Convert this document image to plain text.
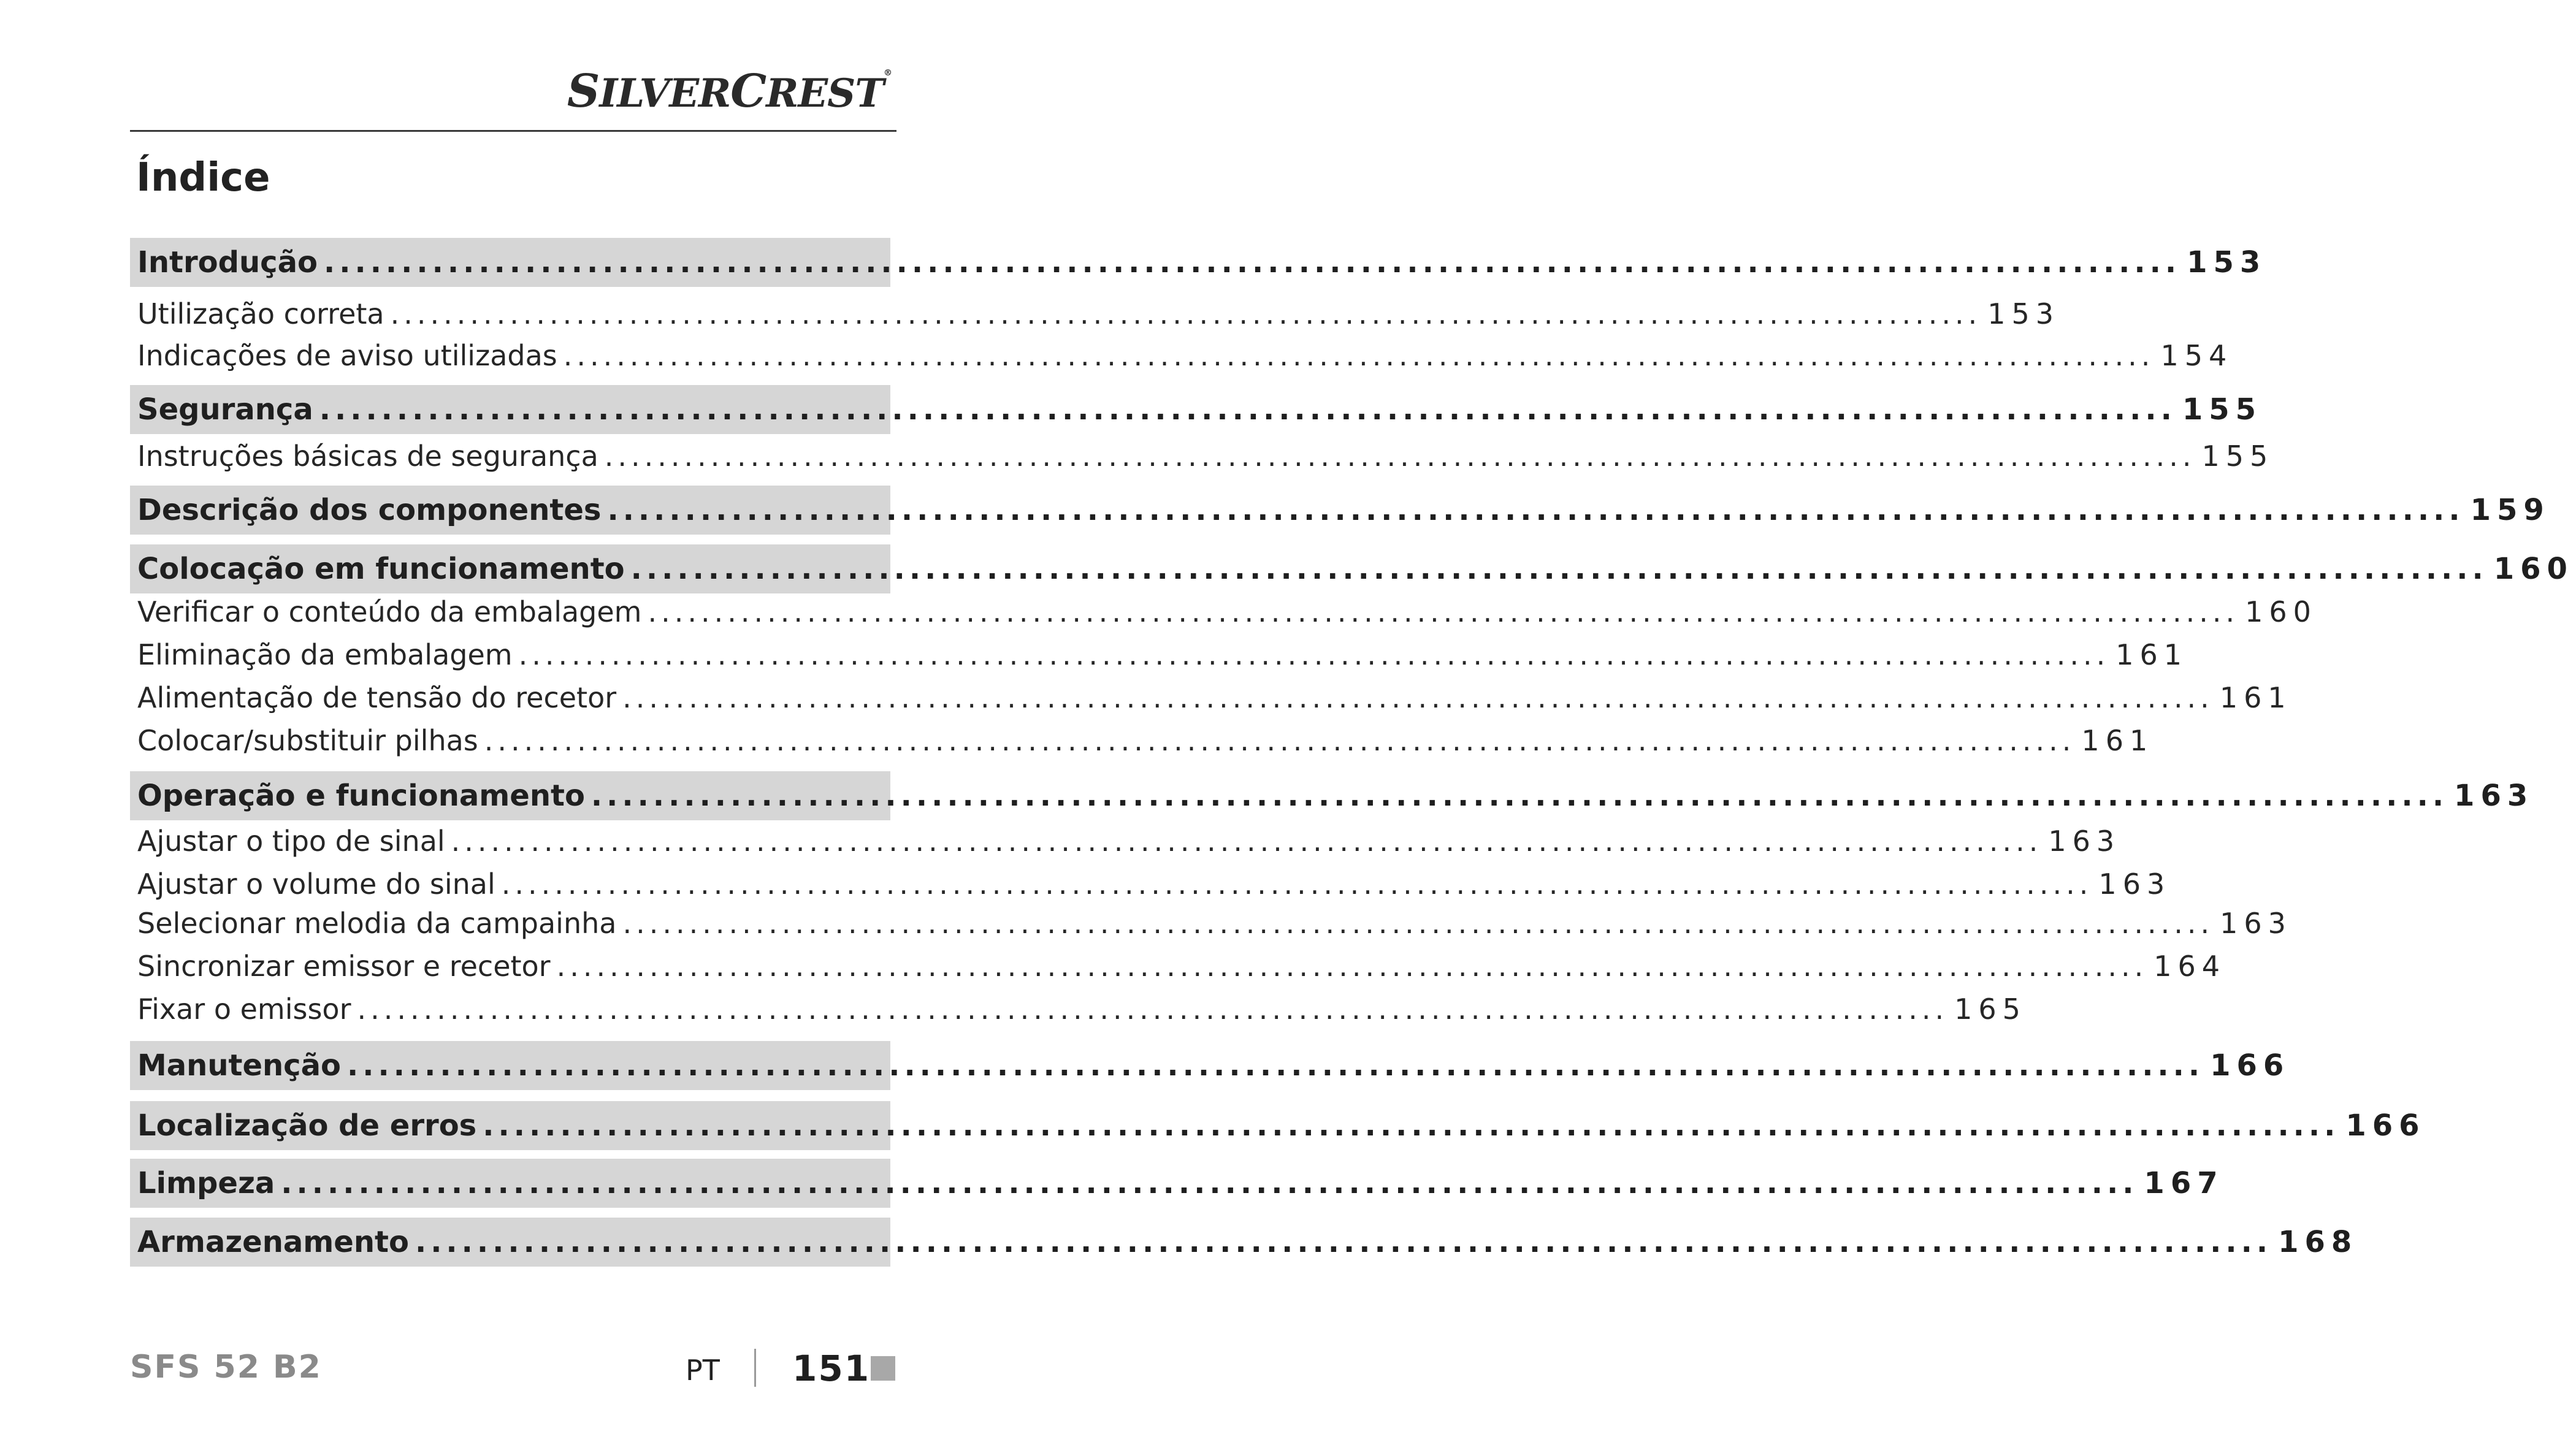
SILVERCREST®
Índice
Introdução ........................................................................................................................ 153
Utilização correta ........................................................................................................................ 153
Indicações de aviso utilizadas ........................................................................................................................ 154
Segurança ........................................................................................................................ 155
Instruções básicas de segurança ........................................................................................................................ 155
Descrição dos componentes ........................................................................................................................ 159
Colocação em funcionamento ........................................................................................................................ 160
Verificar o conteúdo da embalagem ........................................................................................................................ 160
Eliminação da embalagem ........................................................................................................................ 161
Alimentação de tensão do recetor ........................................................................................................................ 161
Colocar/substituir pilhas ........................................................................................................................ 161
Operação e funcionamento ........................................................................................................................ 163
Ajustar o tipo de sinal ........................................................................................................................ 163
Ajustar o volume do sinal ........................................................................................................................ 163
Selecionar melodia da campainha ........................................................................................................................ 163
Sincronizar emissor e recetor ........................................................................................................................ 164
Fixar o emissor ........................................................................................................................ 165
Manutenção ........................................................................................................................ 166
Localização de erros ........................................................................................................................ 166
Limpeza ........................................................................................................................ 167
Armazenamento ........................................................................................................................ 168
SFS 52 B2	PT 151
